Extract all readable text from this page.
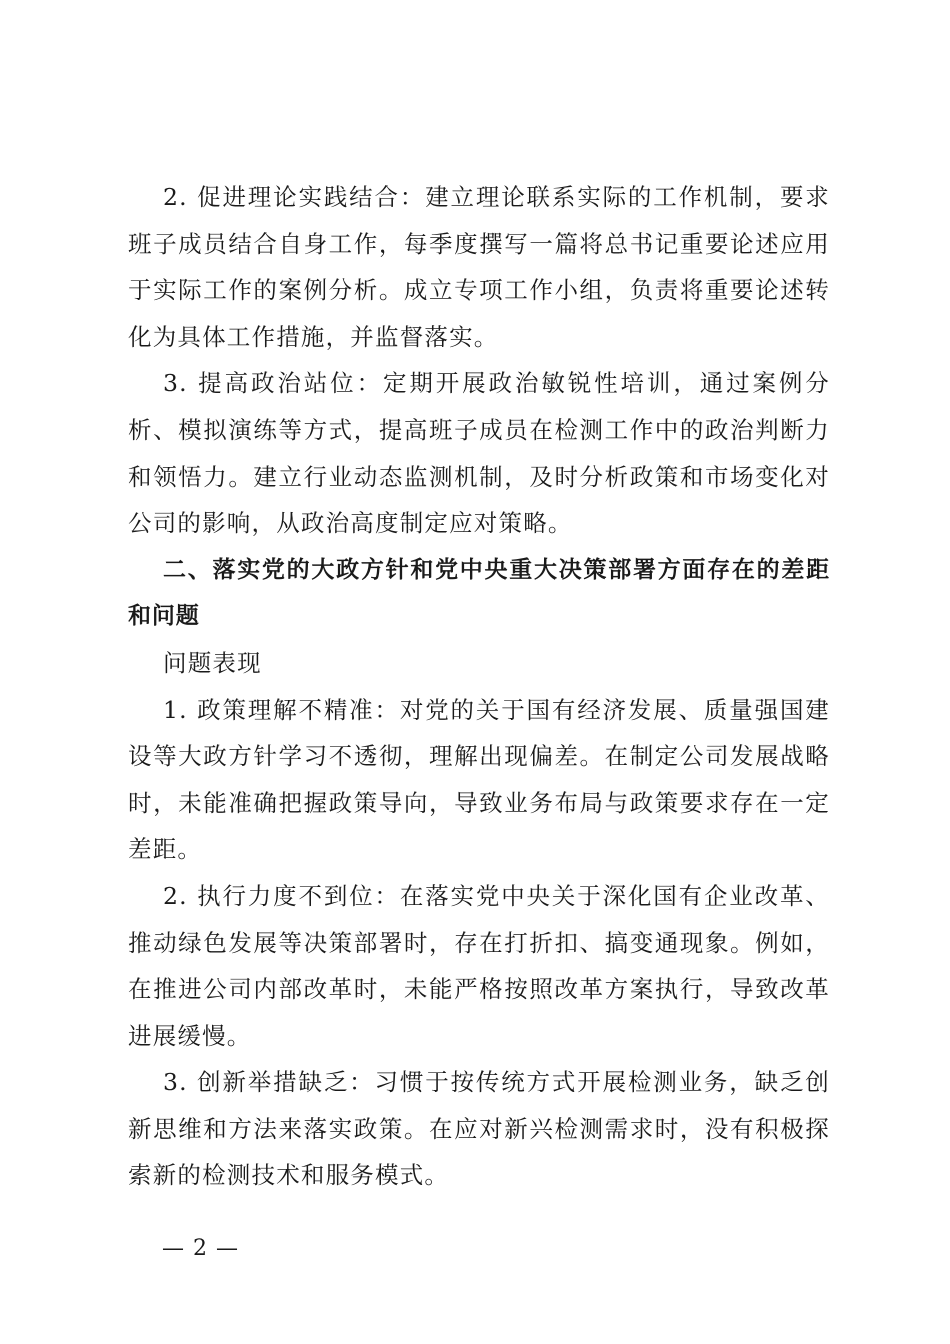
2. 促进理论实践结合：建立理论联系实际的工作机制，要求班子成员结合自身工作，每季度撰写一篇将总书记重要论述应用于实际工作的案例分析。成立专项工作小组，负责将重要论述转化为具体工作措施，并监督落实。

3. 提高政治站位：定期开展政治敏锐性培训，通过案例分析、模拟演练等方式，提高班子成员在检测工作中的政治判断力和领悟力。建立行业动态监测机制，及时分析政策和市场变化对公司的影响，从政治高度制定应对策略。

二、落实党的大政方针和党中央重大决策部署方面存在的差距和问题

问题表现

1. 政策理解不精准：对党的关于国有经济发展、质量强国建设等大政方针学习不透彻，理解出现偏差。在制定公司发展战略时，未能准确把握政策导向，导致业务布局与政策要求存在一定差距。

2. 执行力度不到位：在落实党中央关于深化国有企业改革、推动绿色发展等决策部署时，存在打折扣、搞变通现象。例如，在推进公司内部改革时，未能严格按照改革方案执行，导致改革进展缓慢。

3. 创新举措缺乏：习惯于按传统方式开展检测业务，缺乏创新思维和方法来落实政策。在应对新兴检测需求时，没有积极探索新的检测技术和服务模式。

— 2 —
